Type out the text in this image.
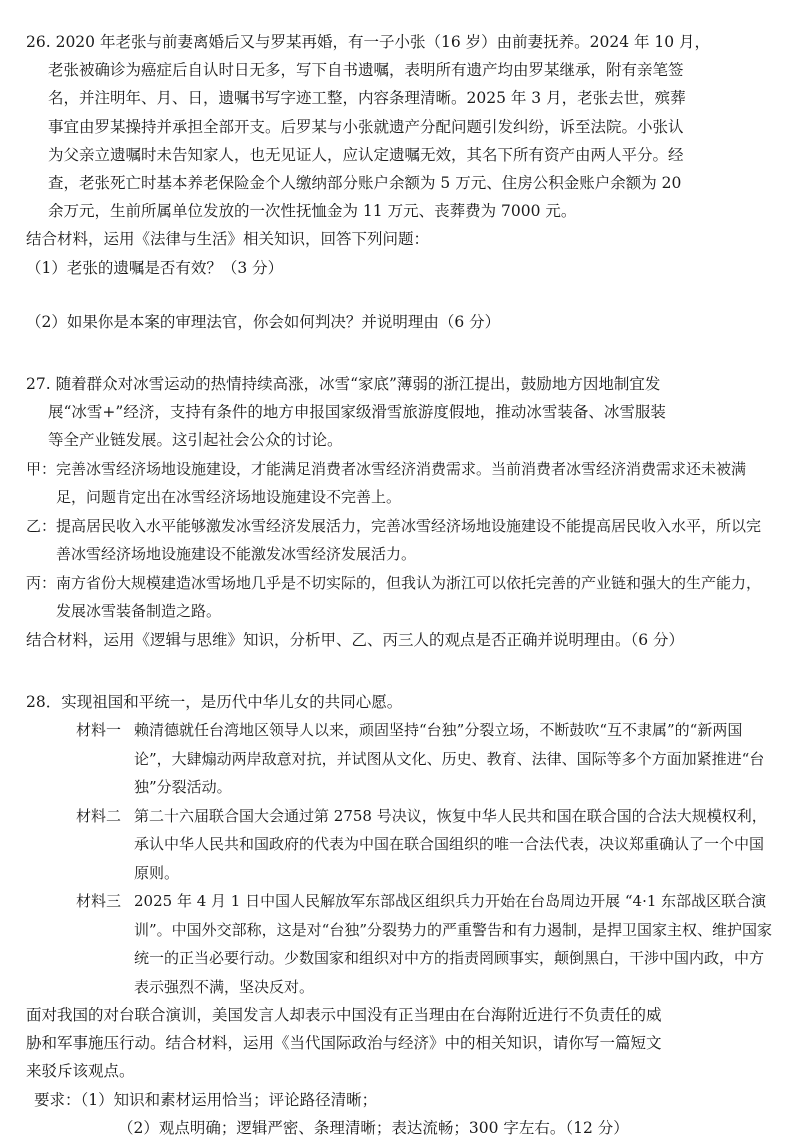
26. 2020 年老张与前妻离婚后又与罗某再婚，有一子小张（16 岁）由前妻抚养。2024 年 10 月，

老张被确诊为癌症后自认时日无多，写下自书遗嘱，表明所有遗产均由罗某继承，附有亲笔签

名，并注明年、月、日，遗嘱书写字迹工整，内容条理清晰。2025 年 3 月，老张去世，殡葬

事宜由罗某操持并承担全部开支。后罗某与小张就遗产分配问题引发纠纷，诉至法院。小张认

为父亲立遗嘱时未告知家人，也无见证人，应认定遗嘱无效，其名下所有资产由两人平分。经

查，老张死亡时基本养老保险金个人缴纳部分账户余额为 5 万元、住房公积金账户余额为 20

余万元，生前所属单位发放的一次性抚恤金为 11 万元、丧葬费为 7000 元。

结合材料，运用《法律与生活》相关知识，回答下列问题：

（1）老张的遗嘱是否有效？（3 分）

（2）如果你是本案的审理法官，你会如何判决？并说明理由（6 分）

27. 随着群众对冰雪运动的热情持续高涨，冰雪“家底”薄弱的浙江提出，鼓励地方因地制宜发

展“冰雪+”经济，支持有条件的地方申报国家级滑雪旅游度假地，推动冰雪装备、冰雪服装

等全产业链发展。这引起社会公众的讨论。

甲： 完善冰雪经济场地设施建设，才能满足消费者冰雪经济消费需求。当前消费者冰雪经济消费需求还未被满足，问题肯定出在冰雪经济场地设施建设不完善上。
乙： 提高居民收入水平能够激发冰雪经济发展活力，完善冰雪经济场地设施建设不能提高居民收入水平，所以完善冰雪经济场地设施建设不能激发冰雪经济发展活力。
丙： 南方省份大规模建造冰雪场地几乎是不切实际的，但我认为浙江可以依托完善的产业链和强大的生产能力，发展冰雪装备制造之路。

结合材料，运用《逻辑与思维》知识，分析甲、乙、丙三人的观点是否正确并说明理由。（6 分）

28．实现祖国和平统一，是历代中华儿女的共同心愿。

材料一 赖清德就任台湾地区领导人以来，顽固坚持“台独”分裂立场，不断鼓吹“互不隶属”的“新两国论”，大肆煽动两岸敌意对抗，并试图从文化、历史、教育、法律、国际等多个方面加紧推进“台独”分裂活动。
材料二 第二十六届联合国大会通过第 2758 号决议，恢复中华人民共和国在联合国的合法大规模权利，承认中华人民共和国政府的代表为中国在联合国组织的唯一合法代表，决议郑重确认了一个中国原则。
材料三 2025 年 4 月 1 日中国人民解放军东部战区组织兵力开始在台岛周边开展 “4·1 东部战区联合演训”。中国外交部称，这是对“台独”分裂势力的严重警告和有力遏制，是捍卫国家主权、维护国家统一的正当必要行动。少数国家和组织对中方的指责罔顾事实，颠倒黑白，干涉中国内政，中方表示强烈不满，坚决反对。

面对我国的对台联合演训，美国发言人却表示中国没有正当理由在台海附近进行不负责任的威

胁和军事施压行动。结合材料，运用《当代国际政治与经济》中的相关知识，请你写一篇短文

来驳斥该观点。

要求：（1）知识和素材运用恰当；评论路径清晰；

（2）观点明确；逻辑严密、条理清晰；表达流畅；300 字左右。（12 分）
